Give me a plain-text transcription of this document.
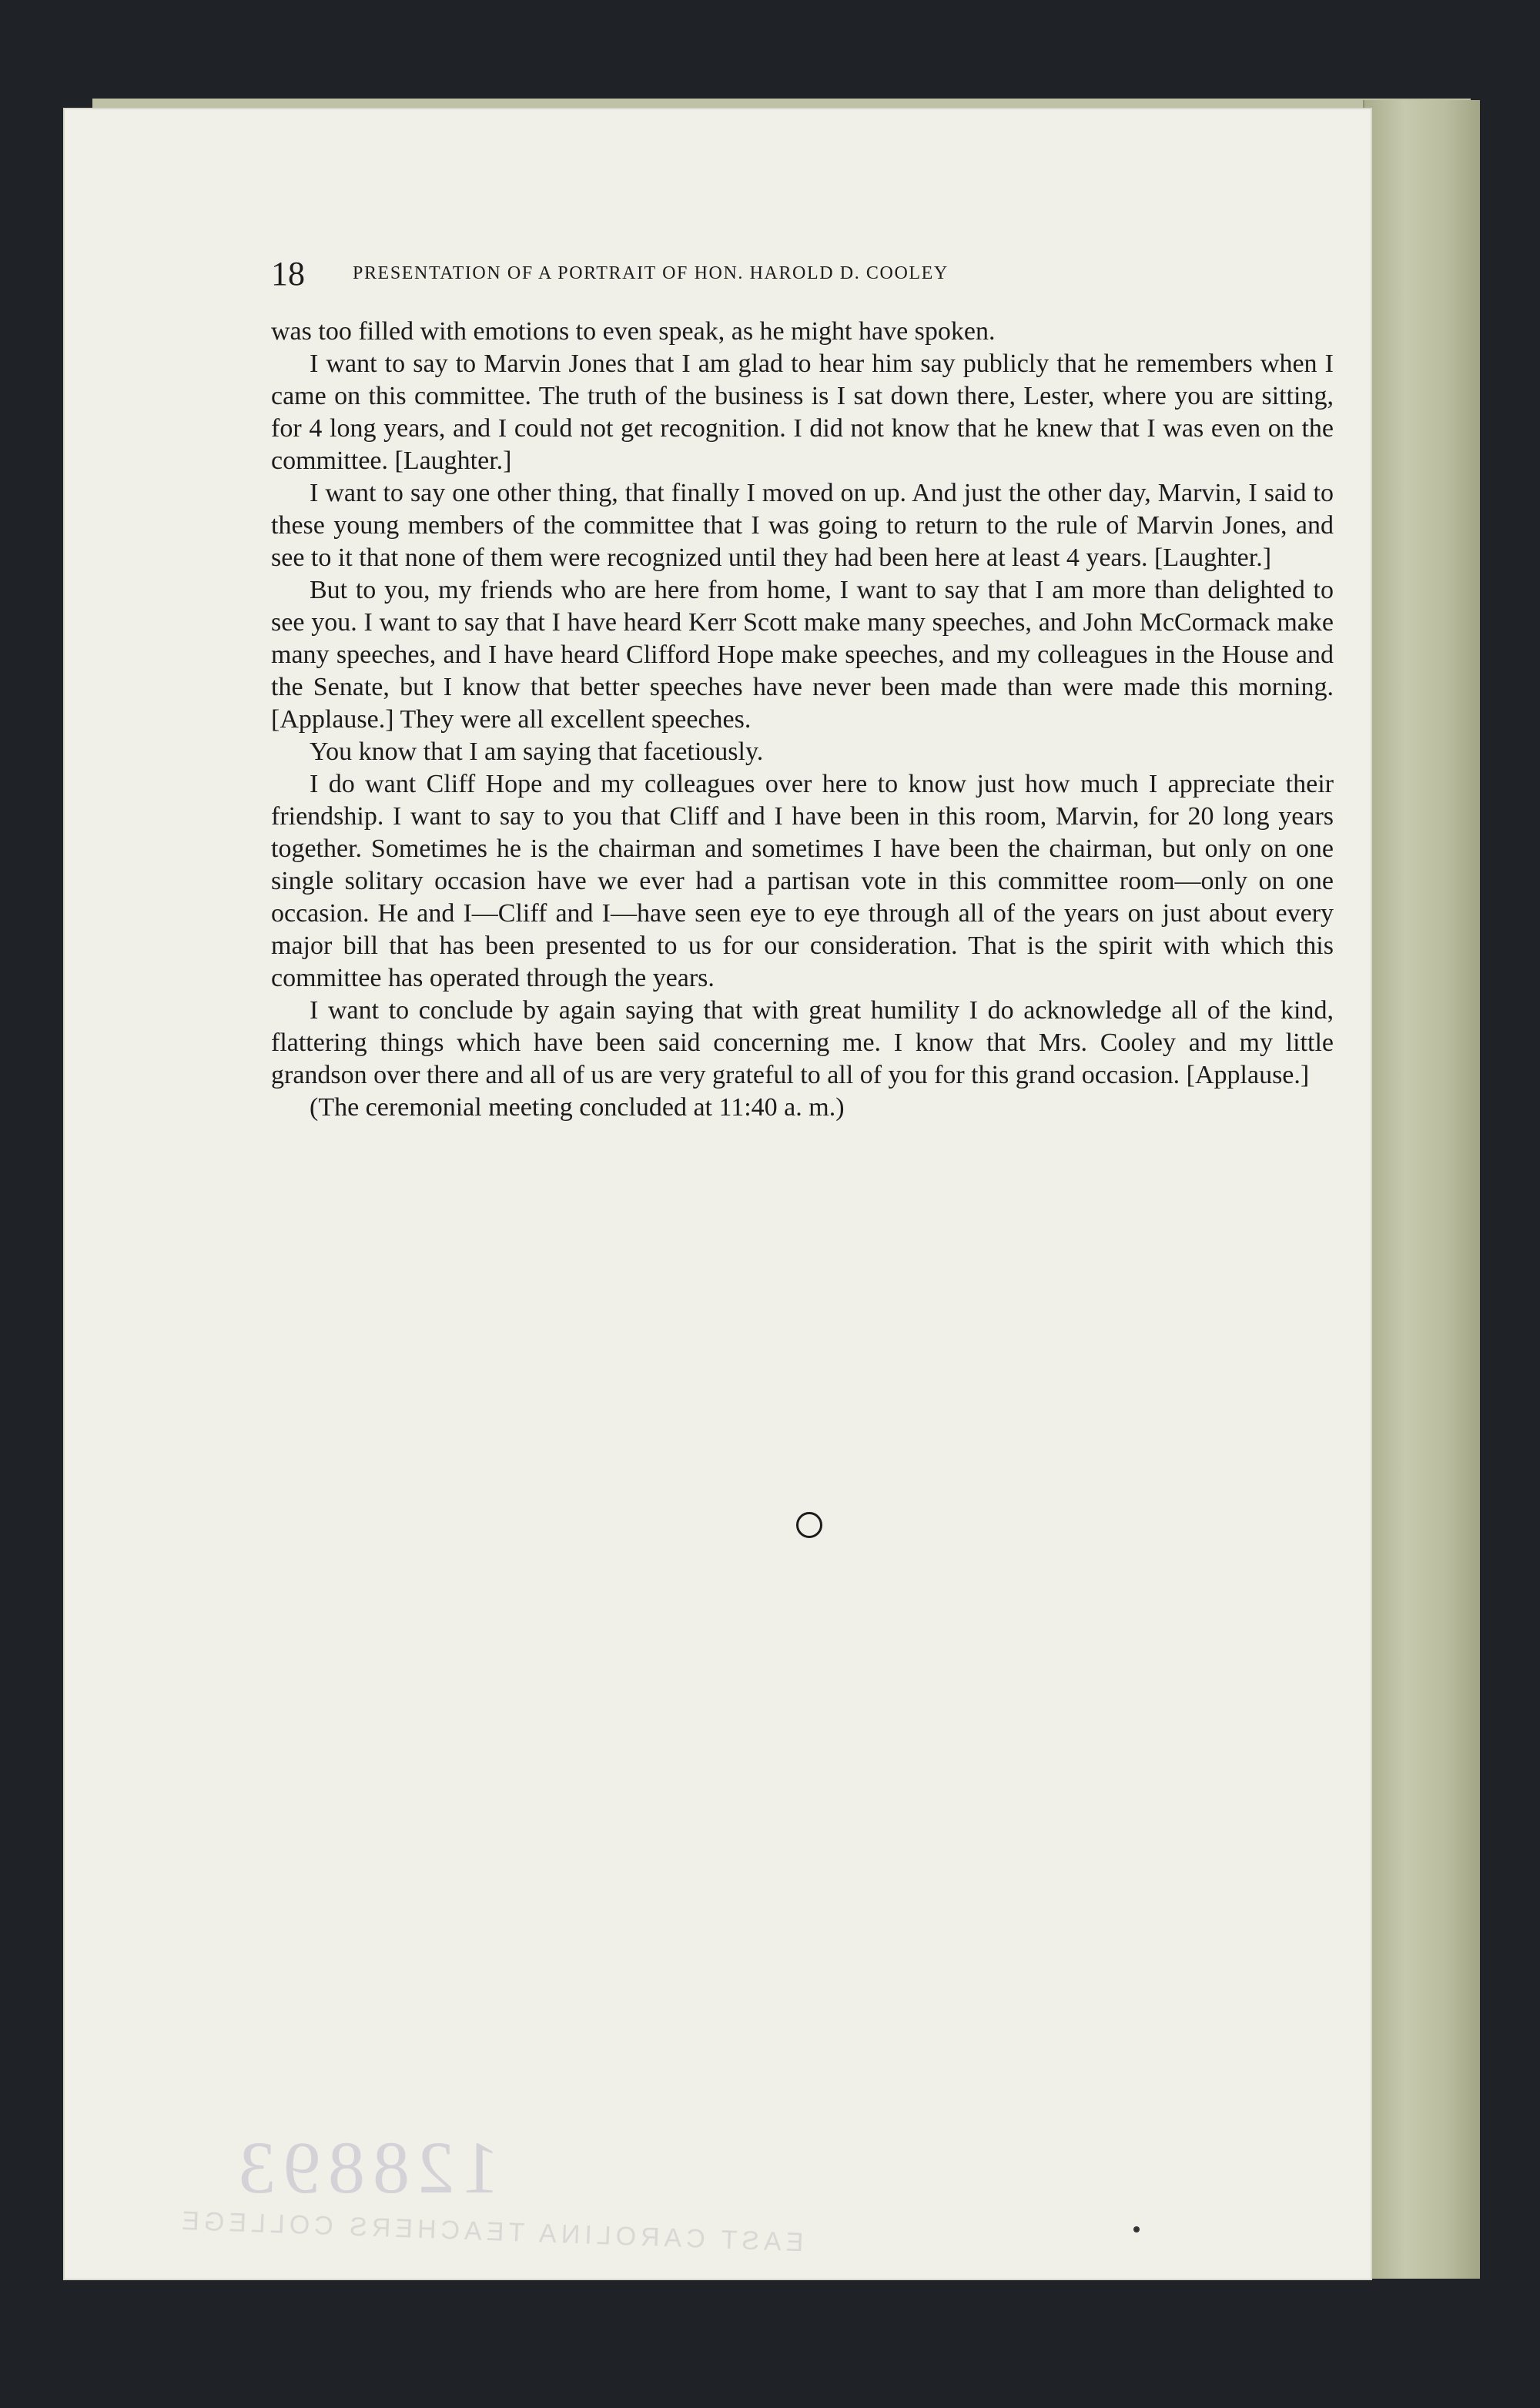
128893
EAST CAROLINA TEACHERS COLLEGE
18	PRESENTATION OF A PORTRAIT OF HON. HAROLD D. COOLEY

was too filled with emotions to even speak, as he might have spoken.

I want to say to Marvin Jones that I am glad to hear him say publicly that he remembers when I came on this committee. The truth of the business is I sat down there, Lester, where you are sitting, for 4 long years, and I could not get recognition. I did not know that he knew that I was even on the committee. [Laughter.]

I want to say one other thing, that finally I moved on up. And just the other day, Marvin, I said to these young members of the committee that I was going to return to the rule of Marvin Jones, and see to it that none of them were recognized until they had been here at least 4 years. [Laughter.]

But to you, my friends who are here from home, I want to say that I am more than delighted to see you. I want to say that I have heard Kerr Scott make many speeches, and John McCormack make many speeches, and I have heard Clifford Hope make speeches, and my colleagues in the House and the Senate, but I know that better speeches have never been made than were made this morning. [Applause.] They were all excellent speeches.

You know that I am saying that facetiously.

I do want Cliff Hope and my colleagues over here to know just how much I appreciate their friendship. I want to say to you that Cliff and I have been in this room, Marvin, for 20 long years together. Sometimes he is the chairman and sometimes I have been the chairman, but only on one single solitary occasion have we ever had a partisan vote in this committee room—only on one occasion. He and I—Cliff and I—have seen eye to eye through all of the years on just about every major bill that has been presented to us for our consideration. That is the spirit with which this committee has operated through the years.

I want to conclude by again saying that with great humility I do acknowledge all of the kind, flattering things which have been said concerning me. I know that Mrs. Cooley and my little grandson over there and all of us are very grateful to all of you for this grand occasion. [Applause.]

(The ceremonial meeting concluded at 11:40 a. m.)
